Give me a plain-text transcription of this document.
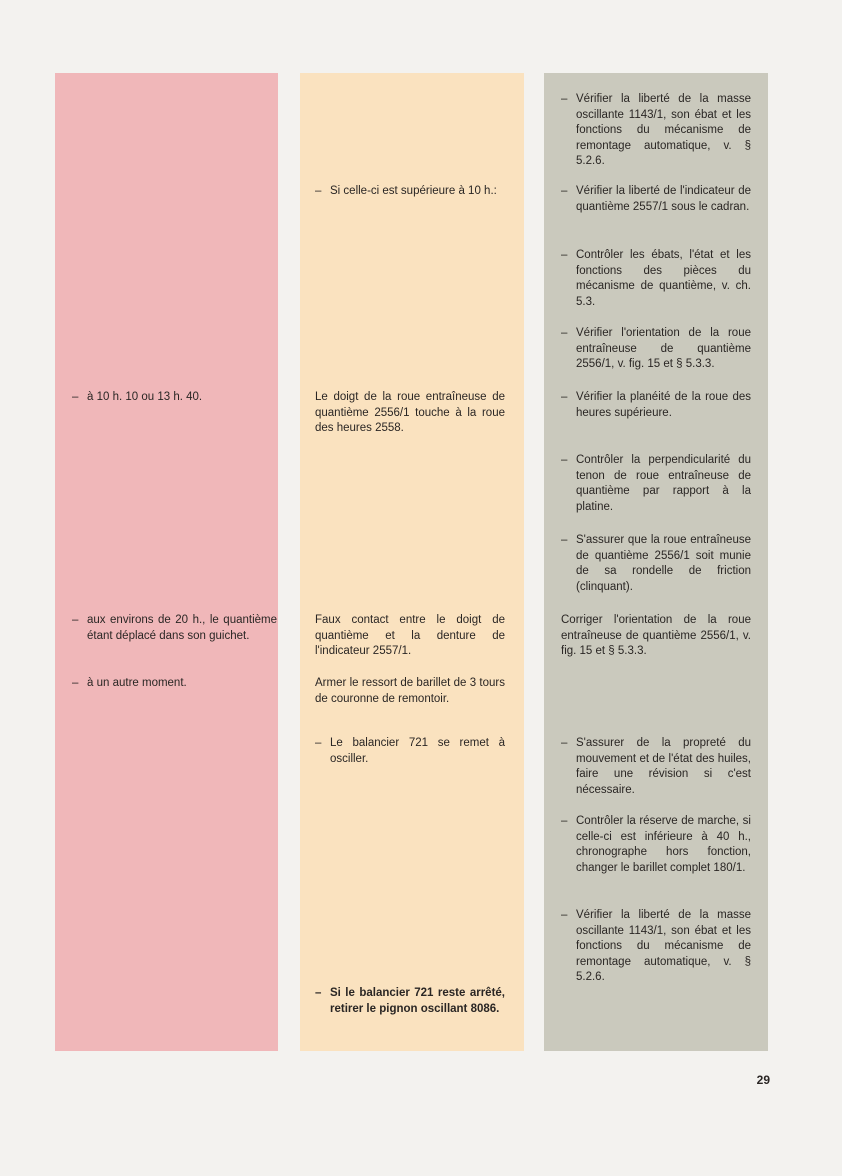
– à 10 h. 10 ou 13 h. 40.

– aux environs de 20 h., le quantième étant déplacé dans son guichet.

– à un autre moment.

– Si celle-ci est supérieure à 10 h.:

Le doigt de la roue entraîneuse de quantième 2556/1 touche à la roue des heures 2558.

Faux contact entre le doigt de quantième et la denture de l'indicateur 2557/1.

Armer le ressort de barillet de 3 tours de couronne de remontoir.

– Le balancier 721 se remet à osciller.

– Si le balancier 721 reste arrêté, retirer le pignon oscillant 8086.

– Vérifier la liberté de la masse oscillante 1143/1, son ébat et les fonctions du mécanisme de remontage automatique, v. § 5.2.6.

– Vérifier la liberté de l'indicateur de quantième 2557/1 sous le cadran.

– Contrôler les ébats, l'état et les fonctions des pièces du mécanisme de quantième, v. ch. 5.3.

– Vérifier l'orientation de la roue entraîneuse de quantième 2556/1, v. fig. 15 et § 5.3.3.

– Vérifier la planéité de la roue des heures supérieure.

– Contrôler la perpendicularité du tenon de roue entraîneuse de quantième par rapport à la platine.

– S'assurer que la roue entraîneuse de quantième 2556/1 soit munie de sa rondelle de friction (clinquant).

Corriger l'orientation de la roue entraîneuse de quantième 2556/1, v. fig. 15 et § 5.3.3.

– S'assurer de la propreté du mouvement et de l'état des huiles, faire une révision si c'est nécessaire.

– Contrôler la réserve de marche, si celle-ci est inférieure à 40 h., chronographe hors fonction, changer le barillet complet 180/1.

– Vérifier la liberté de la masse oscillante 1143/1, son ébat et les fonctions du mécanisme de remontage automatique, v. § 5.2.6.

29
